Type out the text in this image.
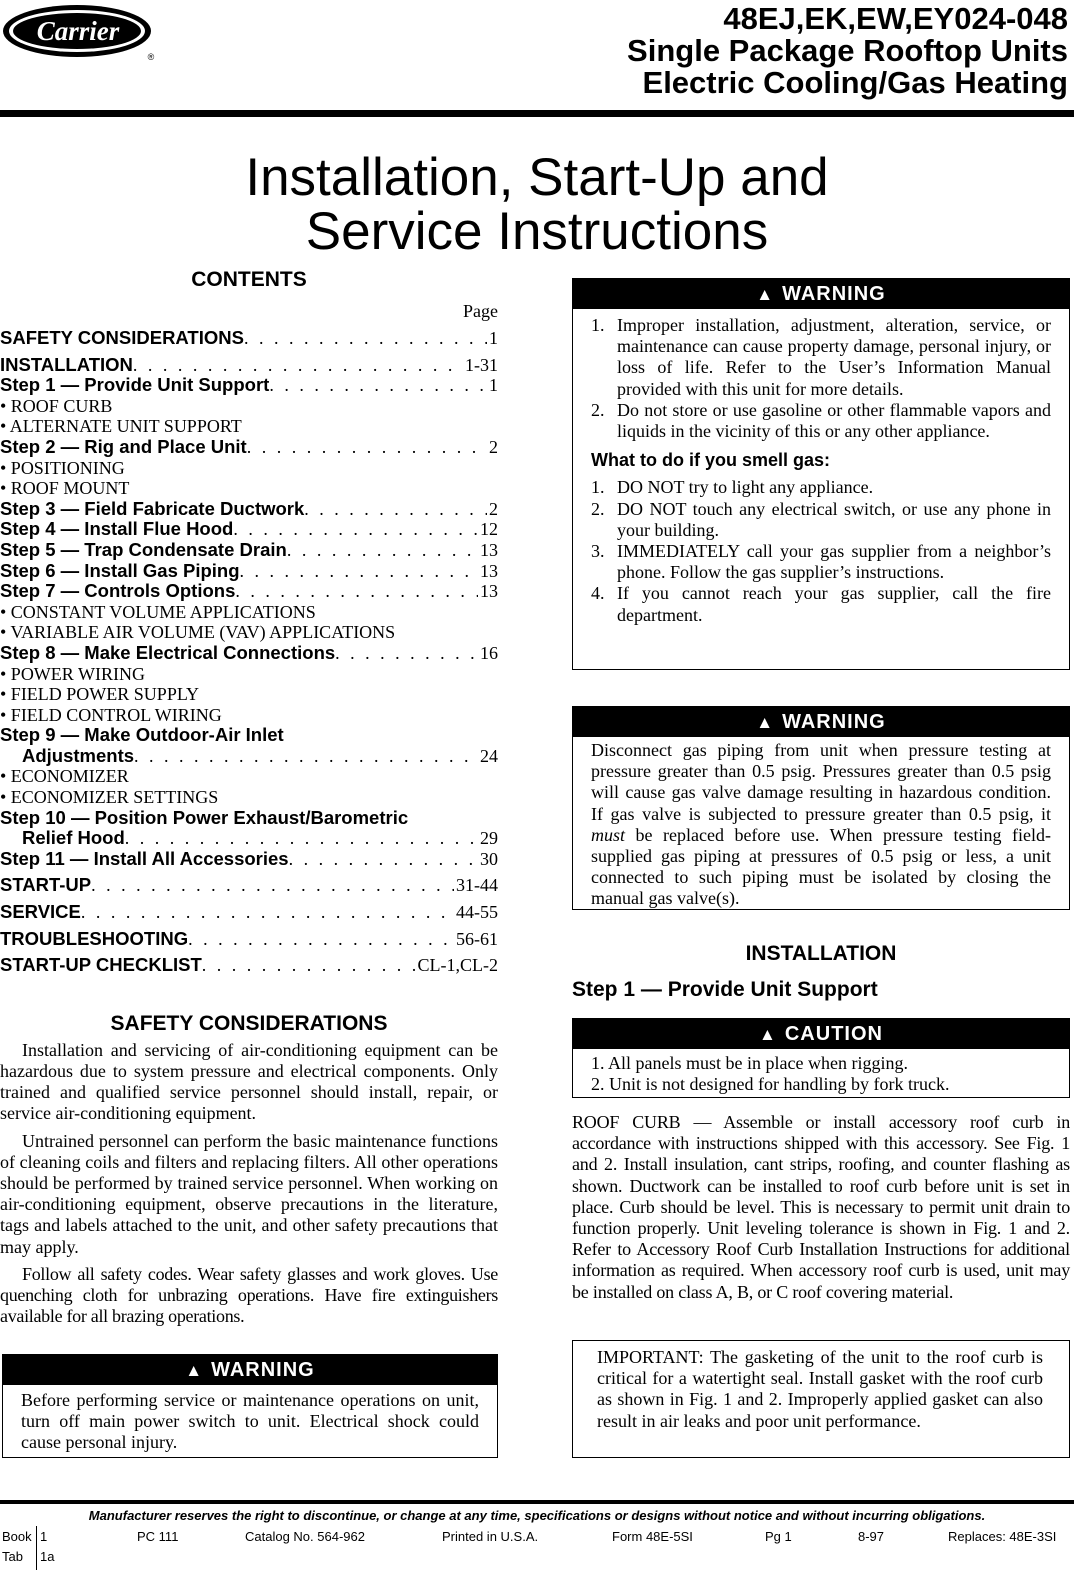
Carrier
®
48EJ,EK,EW,EY024-048
Single Package Rooftop Units
Electric Cooling/Gas Heating
Installation, Start-Up and
Service Instructions
CONTENTS
Page
SAFETY CONSIDERATIONS . . .	1
INSTALLATION . . .	1-31
Step 1 — Provide Unit Support . . .	1
• ROOF CURB
• ALTERNATE UNIT SUPPORT
Step 2 — Rig and Place Unit . . .	2
• POSITIONING
• ROOF MOUNT
Step 3 — Field Fabricate Ductwork . . .	2
Step 4 — Install Flue Hood . . .	12
Step 5 — Trap Condensate Drain . . .	13
Step 6 — Install Gas Piping . . .	13
Step 7 — Controls Options . . .	13
• CONSTANT VOLUME APPLICATIONS
• VARIABLE AIR VOLUME (VAV) APPLICATIONS
Step 8 — Make Electrical Connections . . .	16
• POWER WIRING
• FIELD POWER SUPPLY
• FIELD CONTROL WIRING
Step 9 — Make Outdoor-Air Inlet
Adjustments . . .	24
• ECONOMIZER
• ECONOMIZER SETTINGS
Step 10 — Position Power Exhaust/Barometric
Relief Hood . . .	29
Step 11 — Install All Accessories . . .	30
START-UP . . .	31-44
SERVICE . . .	44-55
TROUBLESHOOTING . . .	56-61
START-UP CHECKLIST . . .	CL-1,CL-2
SAFETY CONSIDERATIONS

Installation and servicing of air-conditioning equipment can be hazardous due to system pressure and electrical components. Only trained and qualified service personnel should install, repair, or service air-conditioning equipment.

Untrained personnel can perform the basic maintenance functions of cleaning coils and filters and replacing filters. All other operations should be performed by trained service personnel. When working on air-conditioning equipment, observe precautions in the literature, tags and labels attached to the unit, and other safety precautions that may apply.

Follow all safety codes. Wear safety glasses and work gloves. Use quenching cloth for unbrazing operations. Have fire extinguishers available for all brazing operations.

▲ WARNING
Before performing service or maintenance operations on unit, turn off main power switch to unit. Electrical shock could cause personal injury.
▲ WARNING
1. Improper installation, adjustment, alteration, service, or maintenance can cause property damage, personal injury, or loss of life. Refer to the User’s Information Manual provided with this unit for more details.
2. Do not store or use gasoline or other flammable vapors and liquids in the vicinity of this or any other appliance.
What to do if you smell gas:
1. DO NOT try to light any appliance.
2. DO NOT touch any electrical switch, or use any phone in your building.
3. IMMEDIATELY call your gas supplier from a neighbor’s phone. Follow the gas supplier’s instructions.
4. If you cannot reach your gas supplier, call the fire department.
▲ WARNING
Disconnect gas piping from unit when pressure testing at pressure greater than 0.5 psig. Pressures greater than 0.5 psig will cause gas valve damage resulting in hazardous condition. If gas valve is subjected to pressure greater than 0.5 psig, it must be replaced before use. When pressure testing field-supplied gas piping at pressures of 0.5 psig or less, a unit connected to such piping must be isolated by closing the manual gas valve(s).
INSTALLATION
Step 1 — Provide Unit Support
▲ CAUTION
1. All panels must be in place when rigging.
2. Unit is not designed for handling by fork truck.

ROOF CURB — Assemble or install accessory roof curb in accordance with instructions shipped with this accessory. See Fig. 1 and 2. Install insulation, cant strips, roofing, and counter flashing as shown. Ductwork can be installed to roof curb before unit is set in place. Curb should be level. This is necessary to permit unit drain to function properly. Unit leveling tolerance is shown in Fig. 1 and 2. Refer to Accessory Roof Curb Installation Instructions for additional information as required. When accessory roof curb is used, unit may be installed on class A, B, or C roof covering material.

IMPORTANT: The gasketing of the unit to the roof curb is critical for a watertight seal. Install gasket with the roof curb as shown in Fig. 1 and 2. Improperly applied gasket can also result in air leaks and poor unit performance.
Manufacturer reserves the right to discontinue, or change at any time, specifications or designs without notice and without incurring obligations.
Book 1
Tab 1a
PC 111	Catalog No. 564-962	Printed in U.S.A.	Form 48E-5SI	Pg 1	8-97	Replaces: 48E-3SI
